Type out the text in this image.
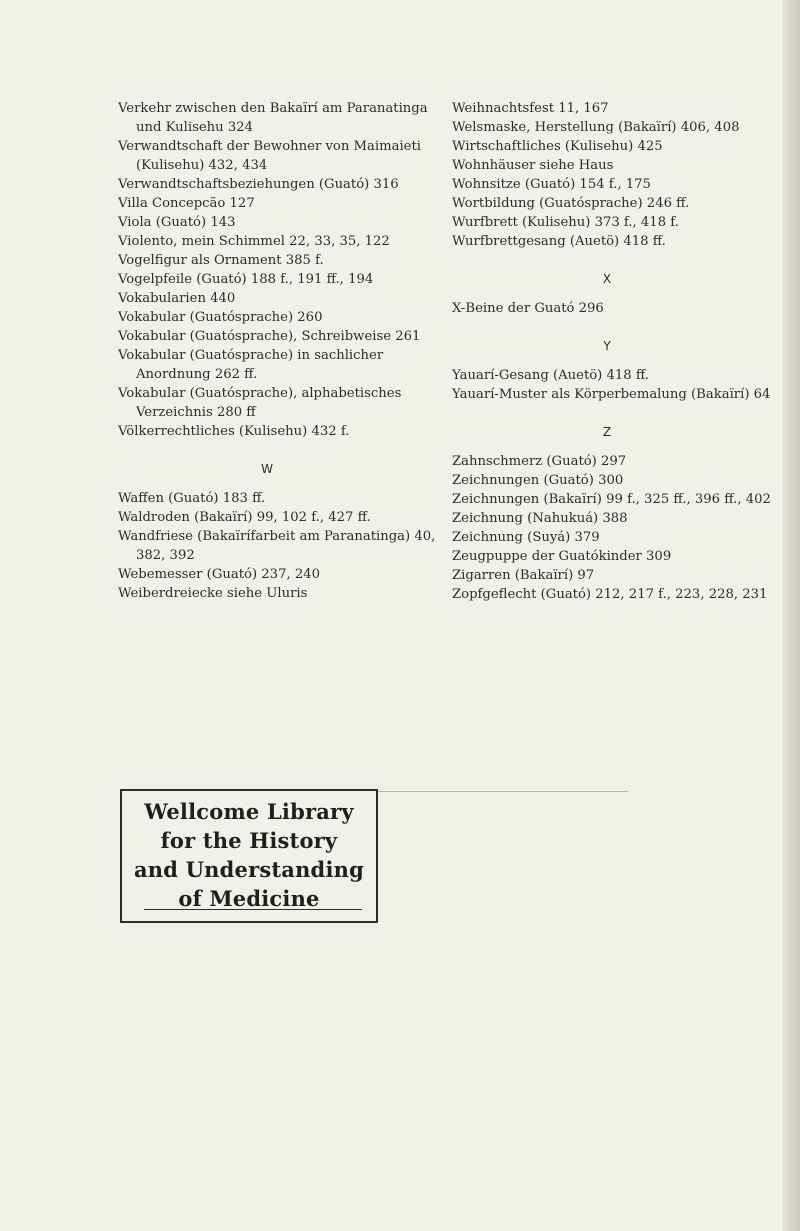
Verkehr zwischen den Bakaïrí am Paranatinga und Kulisehu 324

Verwandtschaft der Bewohner von Maimaieti (Kulisehu) 432, 434

Verwandtschaftsbeziehungen (Guató) 316

Villa Concepcão 127

Viola (Guató) 143

Violento, mein Schimmel 22, 33, 35, 122

Vogelfigur als Ornament 385 f.

Vogelpfeile (Guató) 188 f., 191 ff., 194

Vokabularien 440

Vokabular (Guatósprache) 260

Vokabular (Guatósprache), Schreibweise 261

Vokabular (Guatósprache) in sachlicher Anordnung 262 ff.

Vokabular (Guatósprache), alphabetisches Verzeichnis 280 ff

Völkerrechtliches (Kulisehu) 432 f.

W

Waffen (Guató) 183 ff.

Waldroden (Bakaïrí) 99, 102 f., 427 ff.

Wandfriese (Bakaïrífarbeit am Paranatinga) 40, 382, 392

Webemesser (Guató) 237, 240

Weiberdreiecke siehe Uluris

Weihnachtsfest 11, 167

Welsmaske, Herstellung (Bakaïrí) 406, 408

Wirtschaftliches (Kulisehu) 425

Wohnhäuser siehe Haus

Wohnsitze (Guató) 154 f., 175

Wortbildung (Guatósprache) 246 ff.

Wurfbrett (Kulisehu) 373 f., 418 f.

Wurfbrettgesang (Auetö) 418 ff.

X

X-Beine der Guató 296

Y

Yauarí-Gesang (Auetö) 418 ff.

Yauarí-Muster als Körperbemalung (Bakaïrí) 64

Z

Zahnschmerz (Guató) 297

Zeichnungen (Guató) 300

Zeichnungen (Bakaïrí) 99 f., 325 ff., 396 ff., 402

Zeichnung (Nahukuá) 388

Zeichnung (Suyá) 379

Zeugpuppe der Guatókinder 309

Zigarren (Bakaïrí) 97

Zopfgeflecht (Guató) 212, 217 f., 223, 228, 231

Wellcome Library
for the History
and Understanding
of Medicine
